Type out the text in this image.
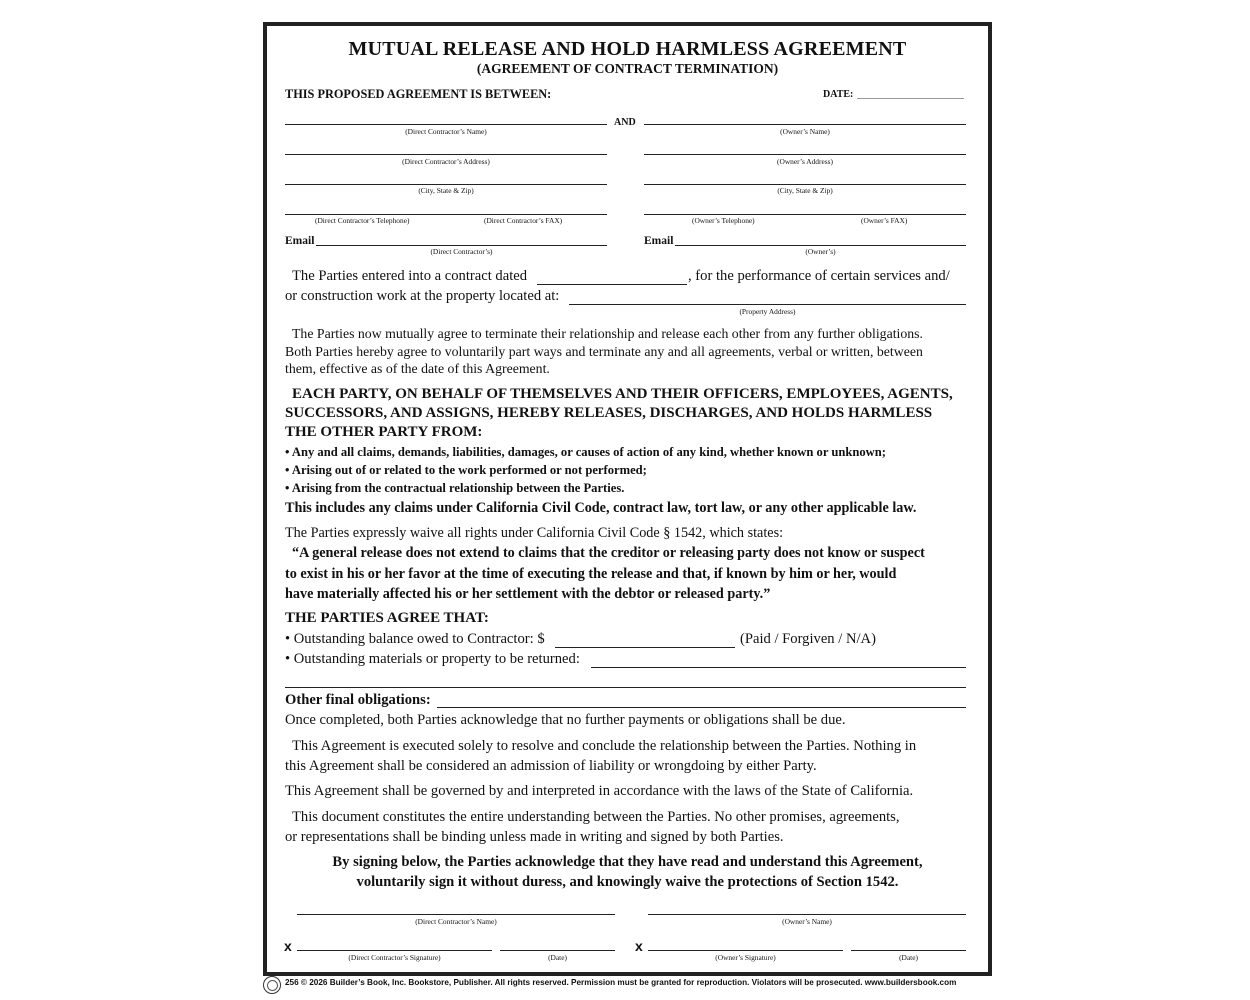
MUTUAL RELEASE AND HOLD HARMLESS AGREEMENT
(AGREEMENT OF CONTRACT TERMINATION)
THIS PROPOSED AGREEMENT IS BETWEEN:	DATE:
AND
(Direct Contractor’s Name)	(Owner’s Name)
(Direct Contractor’s Address)	(Owner’s Address)
(City, State & Zip)	(City, State & Zip)
(Direct Contractor’s Telephone)	(Direct Contractor’s FAX)	(Owner’s Telephone)	(Owner’s FAX)
Email
(Direct Contractor’s)
Email
(Owner’s)
The Parties entered into a contract dated	, for the performance of certain services and/
or construction work at the property located at:
(Property Address)
The Parties now mutually agree to terminate their relationship and release each other from any further obligations.
Both Parties hereby agree to voluntarily part ways and terminate any and all agreements, verbal or written, between
them, effective as of the date of this Agreement.
EACH PARTY, ON BEHALF OF THEMSELVES AND THEIR OFFICERS, EMPLOYEES, AGENTS,
SUCCESSORS, AND ASSIGNS, HEREBY RELEASES, DISCHARGES, AND HOLDS HARMLESS
THE OTHER PARTY FROM:
• Any and all claims, demands, liabilities, damages, or causes of action of any kind, whether known or unknown;
• Arising out of or related to the work performed or not performed;
• Arising from the contractual relationship between the Parties.
This includes any claims under California Civil Code, contract law, tort law, or any other applicable law.
The Parties expressly waive all rights under California Civil Code § 1542, which states:
“A general release does not extend to claims that the creditor or releasing party does not know or suspect
to exist in his or her favor at the time of executing the release and that, if known by him or her, would
have materially affected his or her settlement with the debtor or released party.”
THE PARTIES AGREE THAT:
• Outstanding balance owed to Contractor: $	(Paid / Forgiven / N/A)
• Outstanding materials or property to be returned:
Other final obligations:
Once completed, both Parties acknowledge that no further payments or obligations shall be due.
This Agreement is executed solely to resolve and conclude the relationship between the Parties. Nothing in
this Agreement shall be considered an admission of liability or wrongdoing by either Party.
This Agreement shall be governed by and interpreted in accordance with the laws of the State of California.
This document constitutes the entire understanding between the Parties. No other promises, agreements,
or representations shall be binding unless made in writing and signed by both Parties.
By signing below, the Parties acknowledge that they have read and understand this Agreement,
voluntarily sign it without duress, and knowingly waive the protections of Section 1542.
(Direct Contractor’s Name)	(Owner’s Name)
x
(Direct Contractor’s Signature)	(Date)
x
(Owner’s Signature)	(Date)
256 © 2026 Builder’s Book, Inc. Bookstore, Publisher. All rights reserved. Permission must be granted for reproduction. Violators will be prosecuted. www.buildersbook.com
